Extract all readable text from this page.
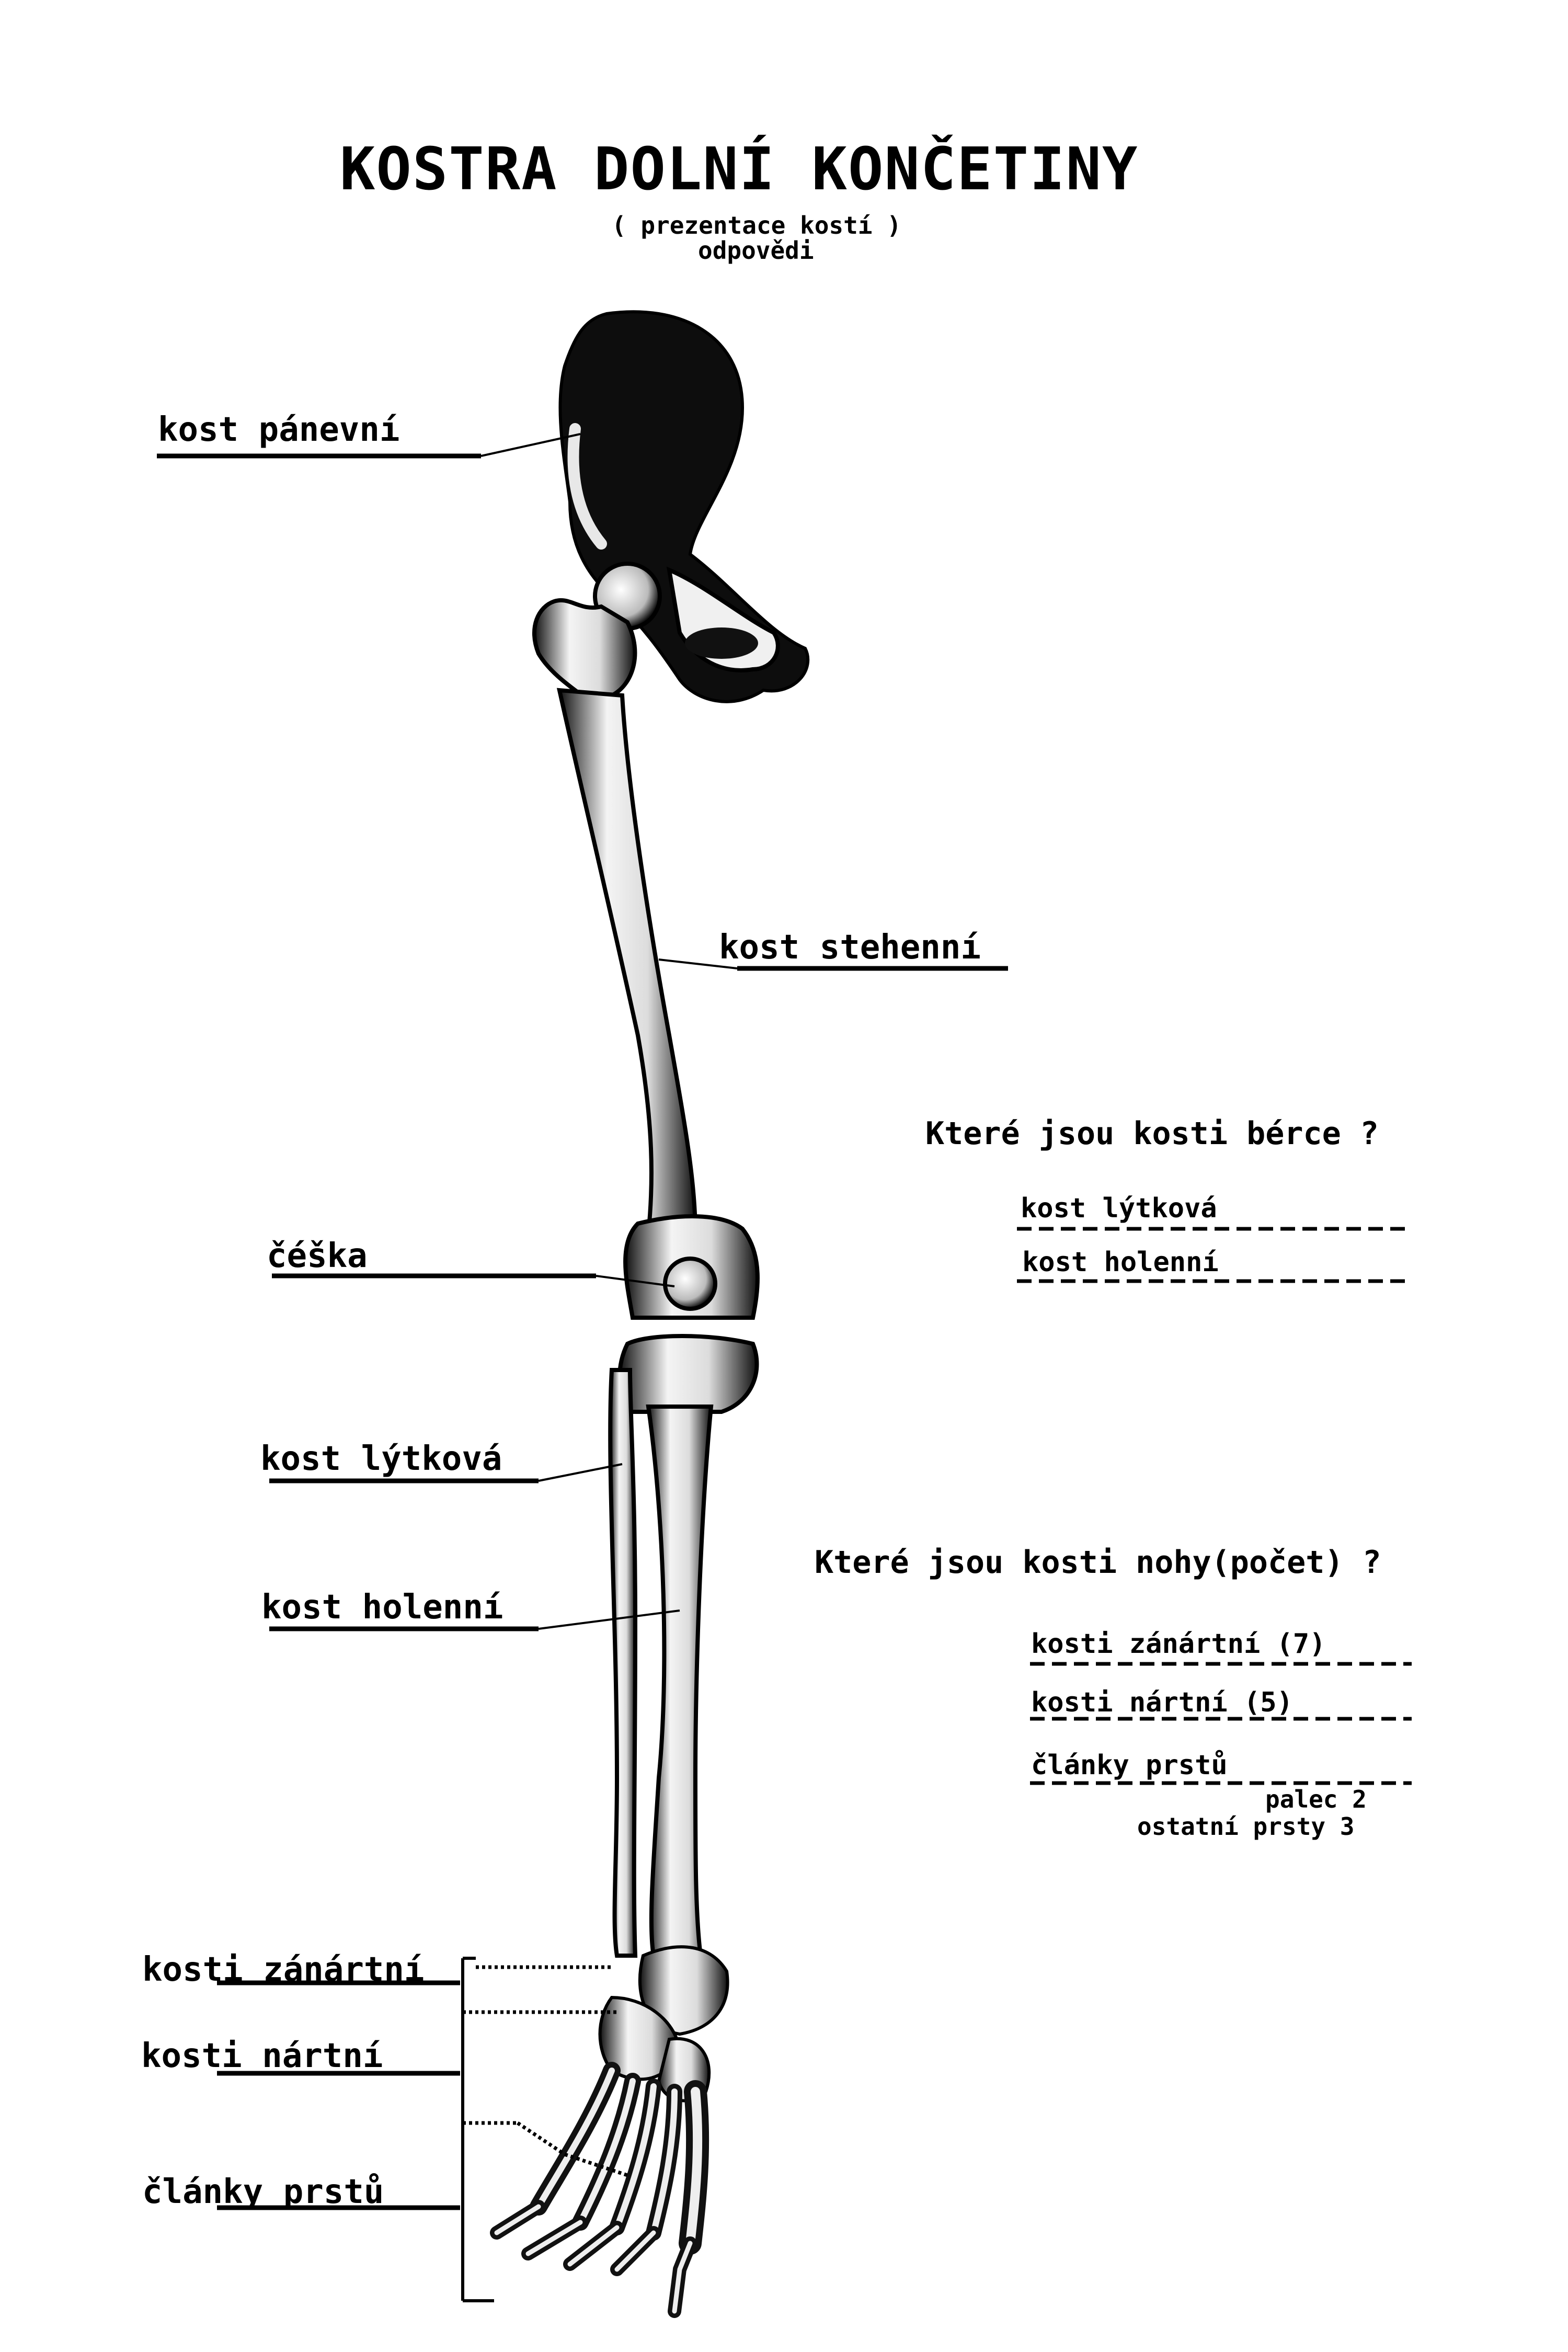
KOSTRA DOLNÍ KONČETINY
( prezentace kostí )
odpovědi
kost pánevní
kost stehenní
čéška
kost lýtková
kost holenní
kosti zánártní
kosti nártní
články prstů
Které jsou kosti bérce ?
kost lýtková
kost holenní
Které jsou kosti nohy(počet) ?
kosti zánártní (7)
kosti nártní (5)
články prstů
palec 2
ostatní prsty 3
